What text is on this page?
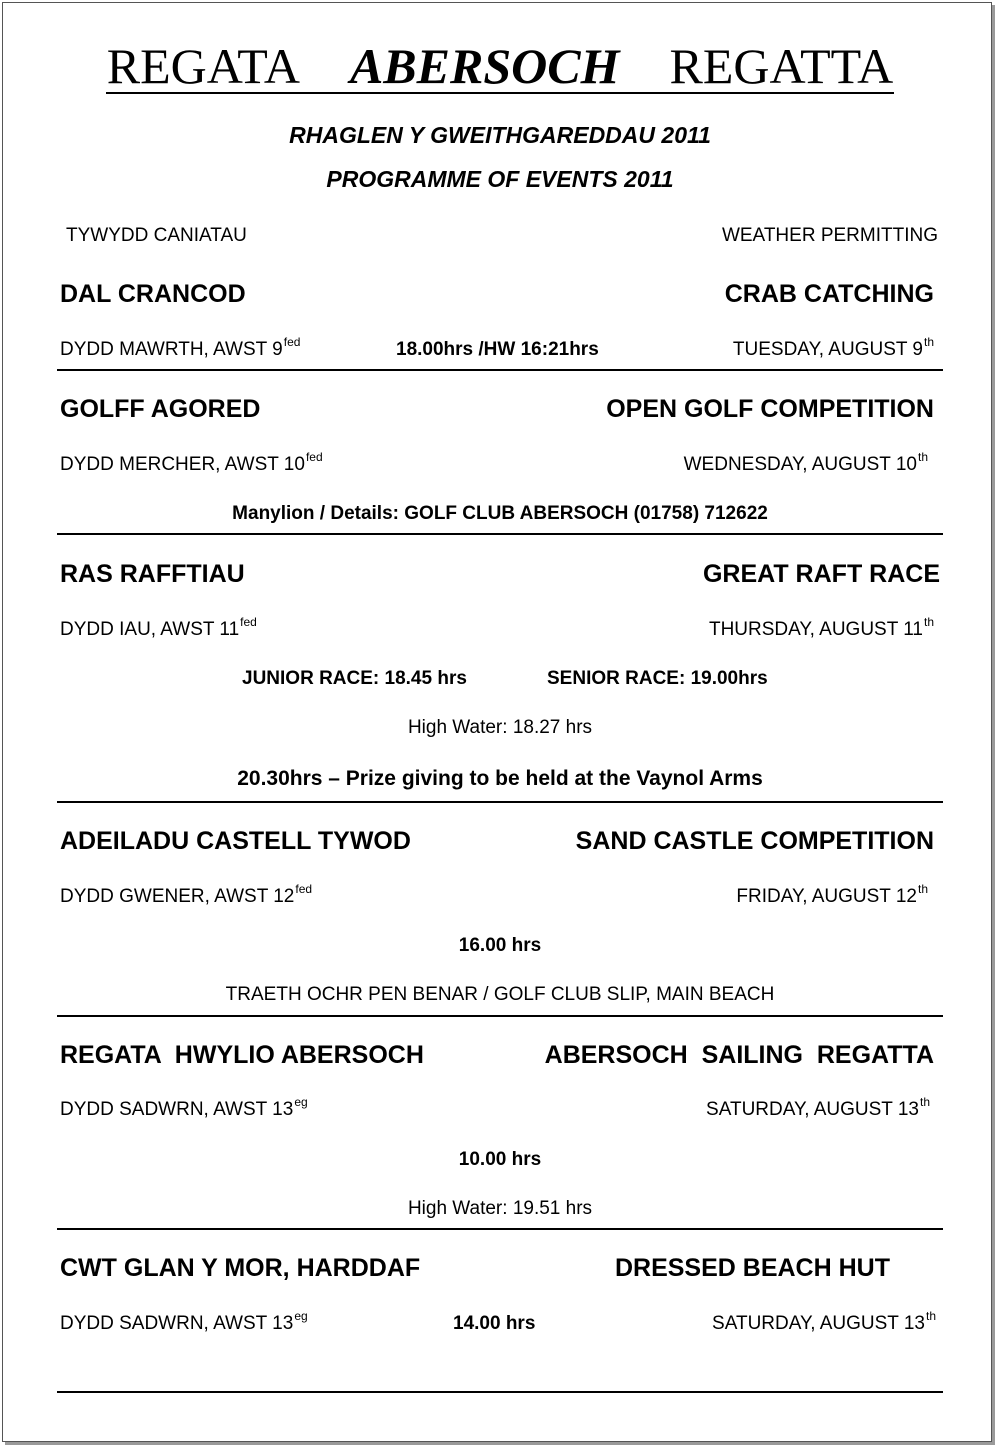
REGATA ABERSOCH REGATTA
RHAGLEN Y GWEITHGAREDDAU 2011
PROGRAMME OF EVENTS 2011
TYWYDD CANIATAU	WEATHER PERMITTING
DAL CRANCOD	CRAB CATCHING
DYDD MAWRTH, AWST $9^{fed}$	18.00hrs /HW 16:21hrs	TUESDAY, AUGUST 9th
GOLFF AGORED	OPEN GOLF COMPETITION
DYDD MERCHER, AWST $10^{fed}$	WEDNESDAY, AUGUST 10th
Manylion / Details: GOLF CLUB ABERSOCH (01758) 712622
RAS RAFFTIAU	GREAT RAFT RACE
DYDD IAU, AWST $11^{fed}$	THURSDAY, AUGUST 11th
JUNIOR RACE: 18.45 hrs	SENIOR RACE: 19.00hrs
High Water: 18.27 hrs
20.30hrs – Prize giving to be held at the Vaynol Arms
ADEILADU CASTELL TYWOD	SAND CASTLE COMPETITION
DYDD GWENER, AWST $12^{fed}$	FRIDAY, AUGUST 12th
16.00 hrs
TRAETH OCHR PEN BENAR / GOLF CLUB SLIP, MAIN BEACH
REGATA  HWYLIO ABERSOCH	ABERSOCH  SAILING  REGATTA
DYDD SADWRN, AWST $13^{eg}$	SATURDAY, AUGUST 13th
10.00 hrs
High Water: 19.51 hrs
CWT GLAN Y MOR, HARDDAF	DRESSED BEACH HUT
DYDD SADWRN, AWST $13^{eg}$	14.00 hrs	SATURDAY, AUGUST 13th
